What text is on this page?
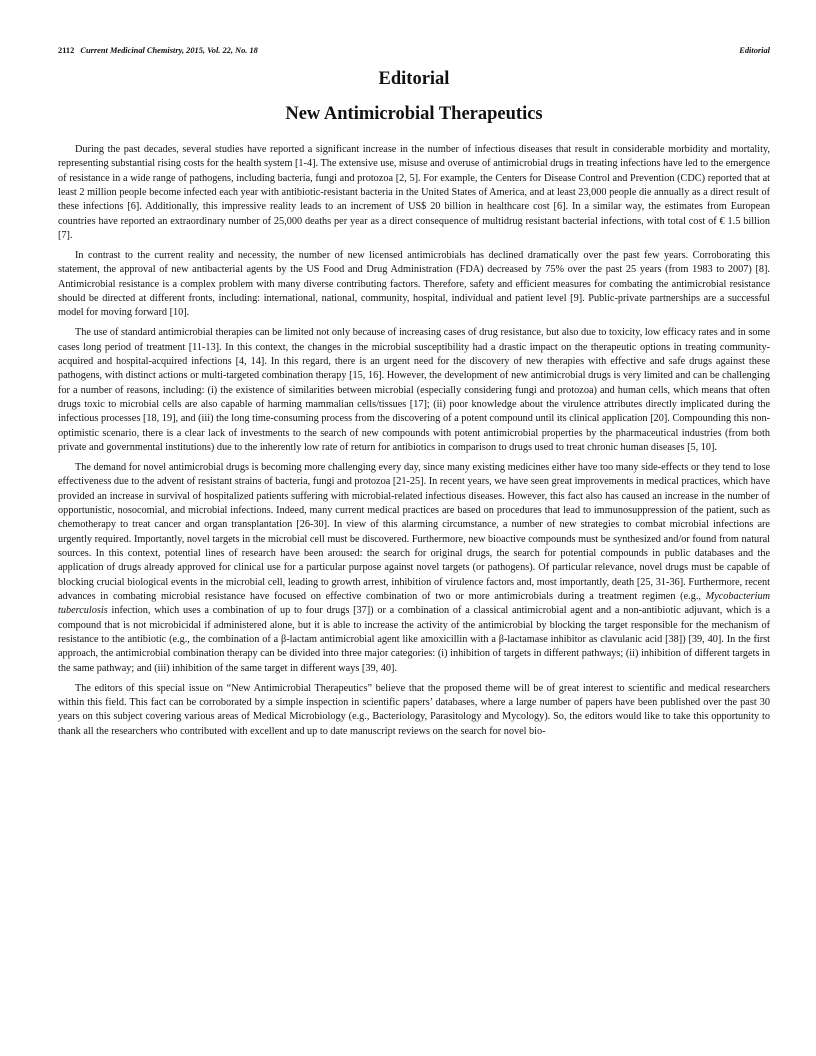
2112 Current Medicinal Chemistry, 2015, Vol. 22, No. 18	Editorial
Editorial
New Antimicrobial Therapeutics

During the past decades, several studies have reported a significant increase in the number of infectious diseases that result in considerable morbidity and mortality, representing substantial rising costs for the health system [1-4]. The extensive use, misuse and overuse of antimicrobial drugs in treating infections have led to the emergence of resistance in a wide range of pathogens, including bacteria, fungi and protozoa [2, 5]. For example, the Centers for Disease Control and Prevention (CDC) reported that at least 2 million people become infected each year with antibiotic-resistant bacteria in the United States of America, and at least 23,000 people die annually as a direct result of these infections [6]. Additionally, this impressive reality leads to an increment of US$ 20 billion in healthcare cost [6]. In a similar way, the estimates from European countries have reported an extraordinary number of 25,000 deaths per year as a direct consequence of multidrug resistant bacterial infections, with total cost of € 1.5 billion [7].

In contrast to the current reality and necessity, the number of new licensed antimicrobials has declined dramatically over the past few years. Corroborating this statement, the approval of new antibacterial agents by the US Food and Drug Administration (FDA) decreased by 75% over the past 25 years (from 1983 to 2007) [8]. Antimicrobial resistance is a complex problem with many diverse contributing factors. Therefore, safety and efficient measures for combating the antimicrobial resistance should be directed at different fronts, including: international, national, community, hospital, individual and patient level [9]. Public-private partnerships are a successful model for moving forward [10].

The use of standard antimicrobial therapies can be limited not only because of increasing cases of drug resistance, but also due to toxicity, low efficacy rates and in some cases long period of treatment [11-13]. In this context, the changes in the microbial susceptibility had a drastic impact on the therapeutic options in treating community-acquired and hospital-acquired infections [4, 14]. In this regard, there is an urgent need for the discovery of new therapies with effective and safe drugs against these pathogens, with distinct actions or multi-targeted combination therapy [15, 16]. However, the development of new antimicrobial drugs is very limited and can be challenging for a number of reasons, including: (i) the existence of similarities between microbial (especially considering fungi and protozoa) and human cells, which means that often drugs toxic to microbial cells are also capable of harming mammalian cells/tissues [17]; (ii) poor knowledge about the virulence attributes directly implicated during the infectious processes [18, 19], and (iii) the long time-consuming process from the discovering of a potent compound until its clinical application [20]. Compounding this non-optimistic scenario, there is a clear lack of investments to the search of new compounds with potent antimicrobial properties by the pharmaceutical industries (from both private and governmental institutions) due to the inherently low rate of return for antibiotics in comparison to drugs used to treat chronic human diseases [5, 10].

The demand for novel antimicrobial drugs is becoming more challenging every day, since many existing medicines either have too many side-effects or they tend to lose effectiveness due to the advent of resistant strains of bacteria, fungi and protozoa [21-25]. In recent years, we have seen great improvements in medical practices, which have provided an increase in survival of hospitalized patients suffering with microbial-related infectious diseases. However, this fact also has caused an increase in the number of opportunistic, nosocomial, and microbial infections. Indeed, many current medical practices are based on procedures that lead to immunosuppression of the patient, such as chemotherapy to treat cancer and organ transplantation [26-30]. In view of this alarming circumstance, a number of new strategies to combat microbial infections are urgently required. Importantly, novel targets in the microbial cell must be discovered. Furthermore, new bioactive compounds must be synthesized and/or found from natural sources. In this context, potential lines of research have been aroused: the search for original drugs, the search for potential compounds in public databases and the application of drugs already approved for clinical use for a particular purpose against novel targets (or pathogens). Of particular relevance, novel drugs must be capable of blocking crucial biological events in the microbial cell, leading to growth arrest, inhibition of virulence factors and, most importantly, death [25, 31-36]. Furthermore, recent advances in combating microbial resistance have focused on effective combination of two or more antimicrobials during a treatment regimen (e.g., Mycobacterium tuberculosis infection, which uses a combination of up to four drugs [37]) or a combination of a classical antimicrobial agent and a non-antibiotic adjuvant, which is a compound that is not microbicidal if administered alone, but it is able to increase the activity of the antimicrobial by blocking the target responsible for the mechanism of resistance to the antibiotic (e.g., the combination of a β-lactam antimicrobial agent like amoxicillin with a β-lactamase inhibitor as clavulanic acid [38]) [39, 40]. In the first approach, the antimicrobial combination therapy can be divided into three major categories: (i) inhibition of targets in different pathways; (ii) inhibition of different targets in the same pathway; and (iii) inhibition of the same target in different ways [39, 40].

The editors of this special issue on “New Antimicrobial Therapeutics” believe that the proposed theme will be of great interest to scientific and medical researchers within this field. This fact can be corroborated by a simple inspection in scientific papers’ databases, where a large number of papers have been published over the past 30 years on this subject covering various areas of Medical Microbiology (e.g., Bacteriology, Parasitology and Mycology). So, the editors would like to take this opportunity to thank all the researchers who contributed with excellent and up to date manuscript reviews on the search for novel bio-
